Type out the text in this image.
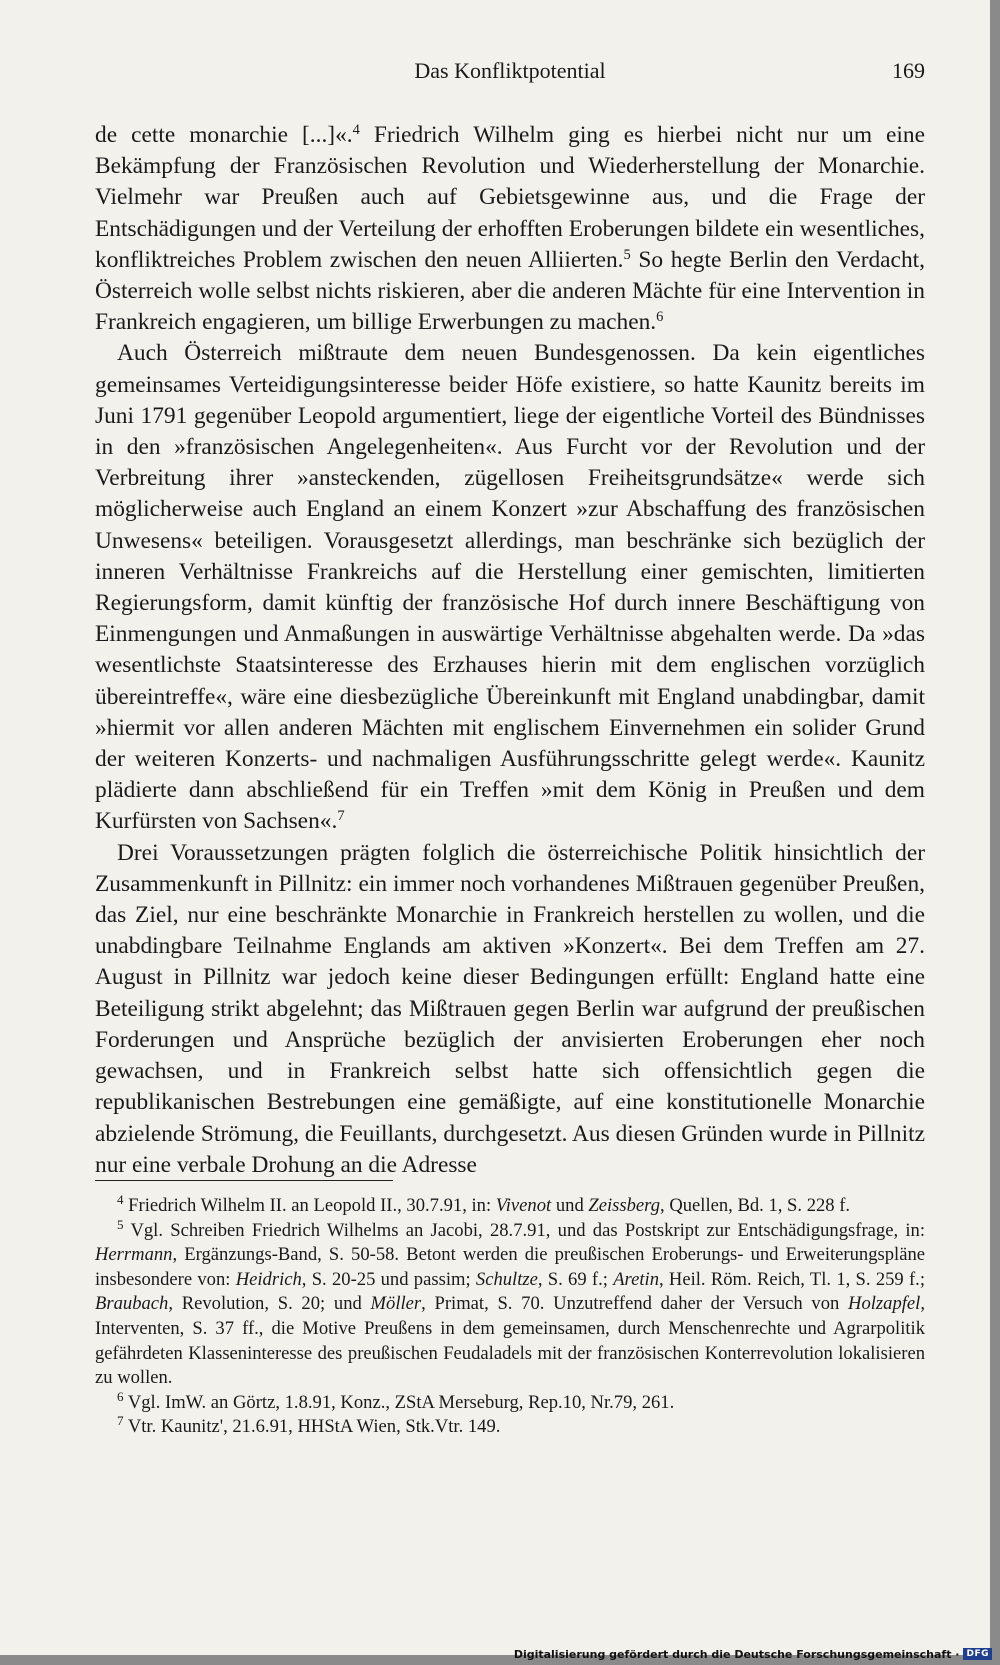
Das Konfliktpotential	169

de cette monarchie [...]«.$^4$ Friedrich Wilhelm ging es hierbei nicht nur um eine Bekämpfung der Französischen Revolution und Wiederherstellung der Monarchie. Vielmehr war Preußen auch auf Gebietsgewinne aus, und die Frage der Entschädigungen und der Verteilung der erhofften Eroberungen bildete ein wesentliches, konfliktreiches Problem zwischen den neuen Alliierten.$^5$ So hegte Berlin den Verdacht, Österreich wolle selbst nichts riskieren, aber die anderen Mächte für eine Intervention in Frankreich engagieren, um billige Erwerbungen zu machen.$^6$

Auch Österreich mißtraute dem neuen Bundesgenossen. Da kein eigentliches gemeinsames Verteidigungsinteresse beider Höfe existiere, so hatte Kaunitz bereits im Juni 1791 gegenüber Leopold argumentiert, liege der eigentliche Vorteil des Bündnisses in den »französischen Angelegenheiten«. Aus Furcht vor der Revolution und der Verbreitung ihrer »ansteckenden, zügellosen Freiheitsgrundsätze« werde sich möglicherweise auch England an einem Konzert »zur Abschaffung des französischen Unwesens« beteiligen. Vorausgesetzt allerdings, man beschränke sich bezüglich der inneren Verhältnisse Frankreichs auf die Herstellung einer gemischten, limitierten Regierungsform, damit künftig der französische Hof durch innere Beschäftigung von Einmengungen und Anmaßungen in auswärtige Verhältnisse abgehalten werde. Da »das wesentlichste Staatsinteresse des Erzhauses hierin mit dem englischen vorzüglich übereintreffe«, wäre eine diesbezügliche Übereinkunft mit England unabdingbar, damit »hiermit vor allen anderen Mächten mit englischem Einvernehmen ein solider Grund der weiteren Konzerts- und nachmaligen Ausführungsschritte gelegt werde«. Kaunitz plädierte dann abschließend für ein Treffen »mit dem König in Preußen und dem Kurfürsten von Sachsen«.$^7$

Drei Voraussetzungen prägten folglich die österreichische Politik hinsichtlich der Zusammenkunft in Pillnitz: ein immer noch vorhandenes Mißtrauen gegenüber Preußen, das Ziel, nur eine beschränkte Monarchie in Frankreich herstellen zu wollen, und die unabdingbare Teilnahme Englands am aktiven »Konzert«. Bei dem Treffen am 27. August in Pillnitz war jedoch keine dieser Bedingungen erfüllt: England hatte eine Beteiligung strikt abgelehnt; das Mißtrauen gegen Berlin war aufgrund der preußischen Forderungen und Ansprüche bezüglich der anvisierten Eroberungen eher noch gewachsen, und in Frankreich selbst hatte sich offensichtlich gegen die republikanischen Bestrebungen eine gemäßigte, auf eine konstitutionelle Monarchie abzielende Strömung, die Feuillants, durchgesetzt. Aus diesen Gründen wurde in Pillnitz nur eine verbale Drohung an die Adresse

$^4$ Friedrich Wilhelm II. an Leopold II., 30.7.91, in: Vivenot und Zeissberg, Quellen, Bd. 1, S. 228 f.

$^5$ Vgl. Schreiben Friedrich Wilhelms an Jacobi, 28.7.91, und das Postskript zur Entschädigungsfrage, in: Herrmann, Ergänzungs-Band, S. 50-58. Betont werden die preußischen Eroberungs- und Erweiterungspläne insbesondere von: Heidrich, S. 20-25 und passim; Schultze, S. 69 f.; Aretin, Heil. Röm. Reich, Tl. 1, S. 259 f.; Braubach, Revolution, S. 20; und Möller, Primat, S. 70. Unzutreffend daher der Versuch von Holzapfel, Interventen, S. 37 ff., die Motive Preußens in dem gemeinsamen, durch Menschenrechte und Agrarpolitik gefährdeten Klasseninteresse des preußischen Feudaladels mit der französischen Konterrevolution lokalisieren zu wollen.

$^6$ Vgl. ImW. an Görtz, 1.8.91, Konz., ZStA Merseburg, Rep.10, Nr.79, 261.

$^7$ Vtr. Kaunitz', 21.6.91, HHStA Wien, Stk.Vtr. 149.

Digitalisierung gefördert durch die Deutsche Forschungsgemeinschaft · DFG
